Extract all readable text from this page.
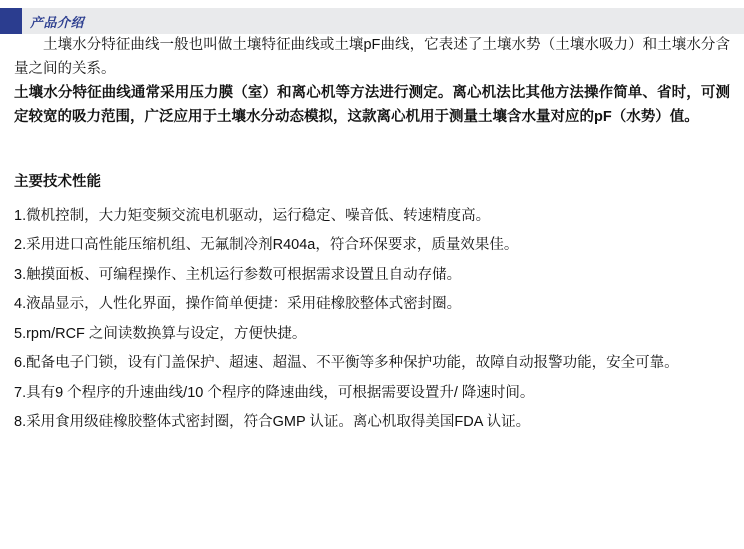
产品介绍

土壤水分特征曲线一般也叫做土壤特征曲线或土壤pF曲线，它表述了土壤水势（土壤水吸力）和土壤水分含量之间的关系。

土壤水分特征曲线通常采用压力膜（室）和离心机等方法进行测定。离心机法比其他方法操作简单、省时，可测定较宽的吸力范围，广泛应用于土壤水分动态模拟，这款离心机用于测量土壤含水量对应的pF（水势）值。

主要技术性能
1.微机控制，大力矩变频交流电机驱动，运行稳定、噪音低、转速精度高。
2.采用进口高性能压缩机组、无氟制冷剂R404a，符合环保要求，质量效果佳。
3.触摸面板、可编程操作、主机运行参数可根据需求设置且自动存储。
4.液晶显示，人性化界面，操作简单便捷：采用硅橡胶整体式密封圈。
5.rpm/RCF 之间读数换算与设定，方便快捷。
6.配备电子门锁，设有门盖保护、超速、超温、不平衡等多种保护功能，故障自动报警功能，安全可靠。
7.具有9 个程序的升速曲线/10 个程序的降速曲线，可根据需要设置升/ 降速时间。
8.采用食用级硅橡胶整体式密封圈，符合GMP 认证。离心机取得美国FDA 认证。
